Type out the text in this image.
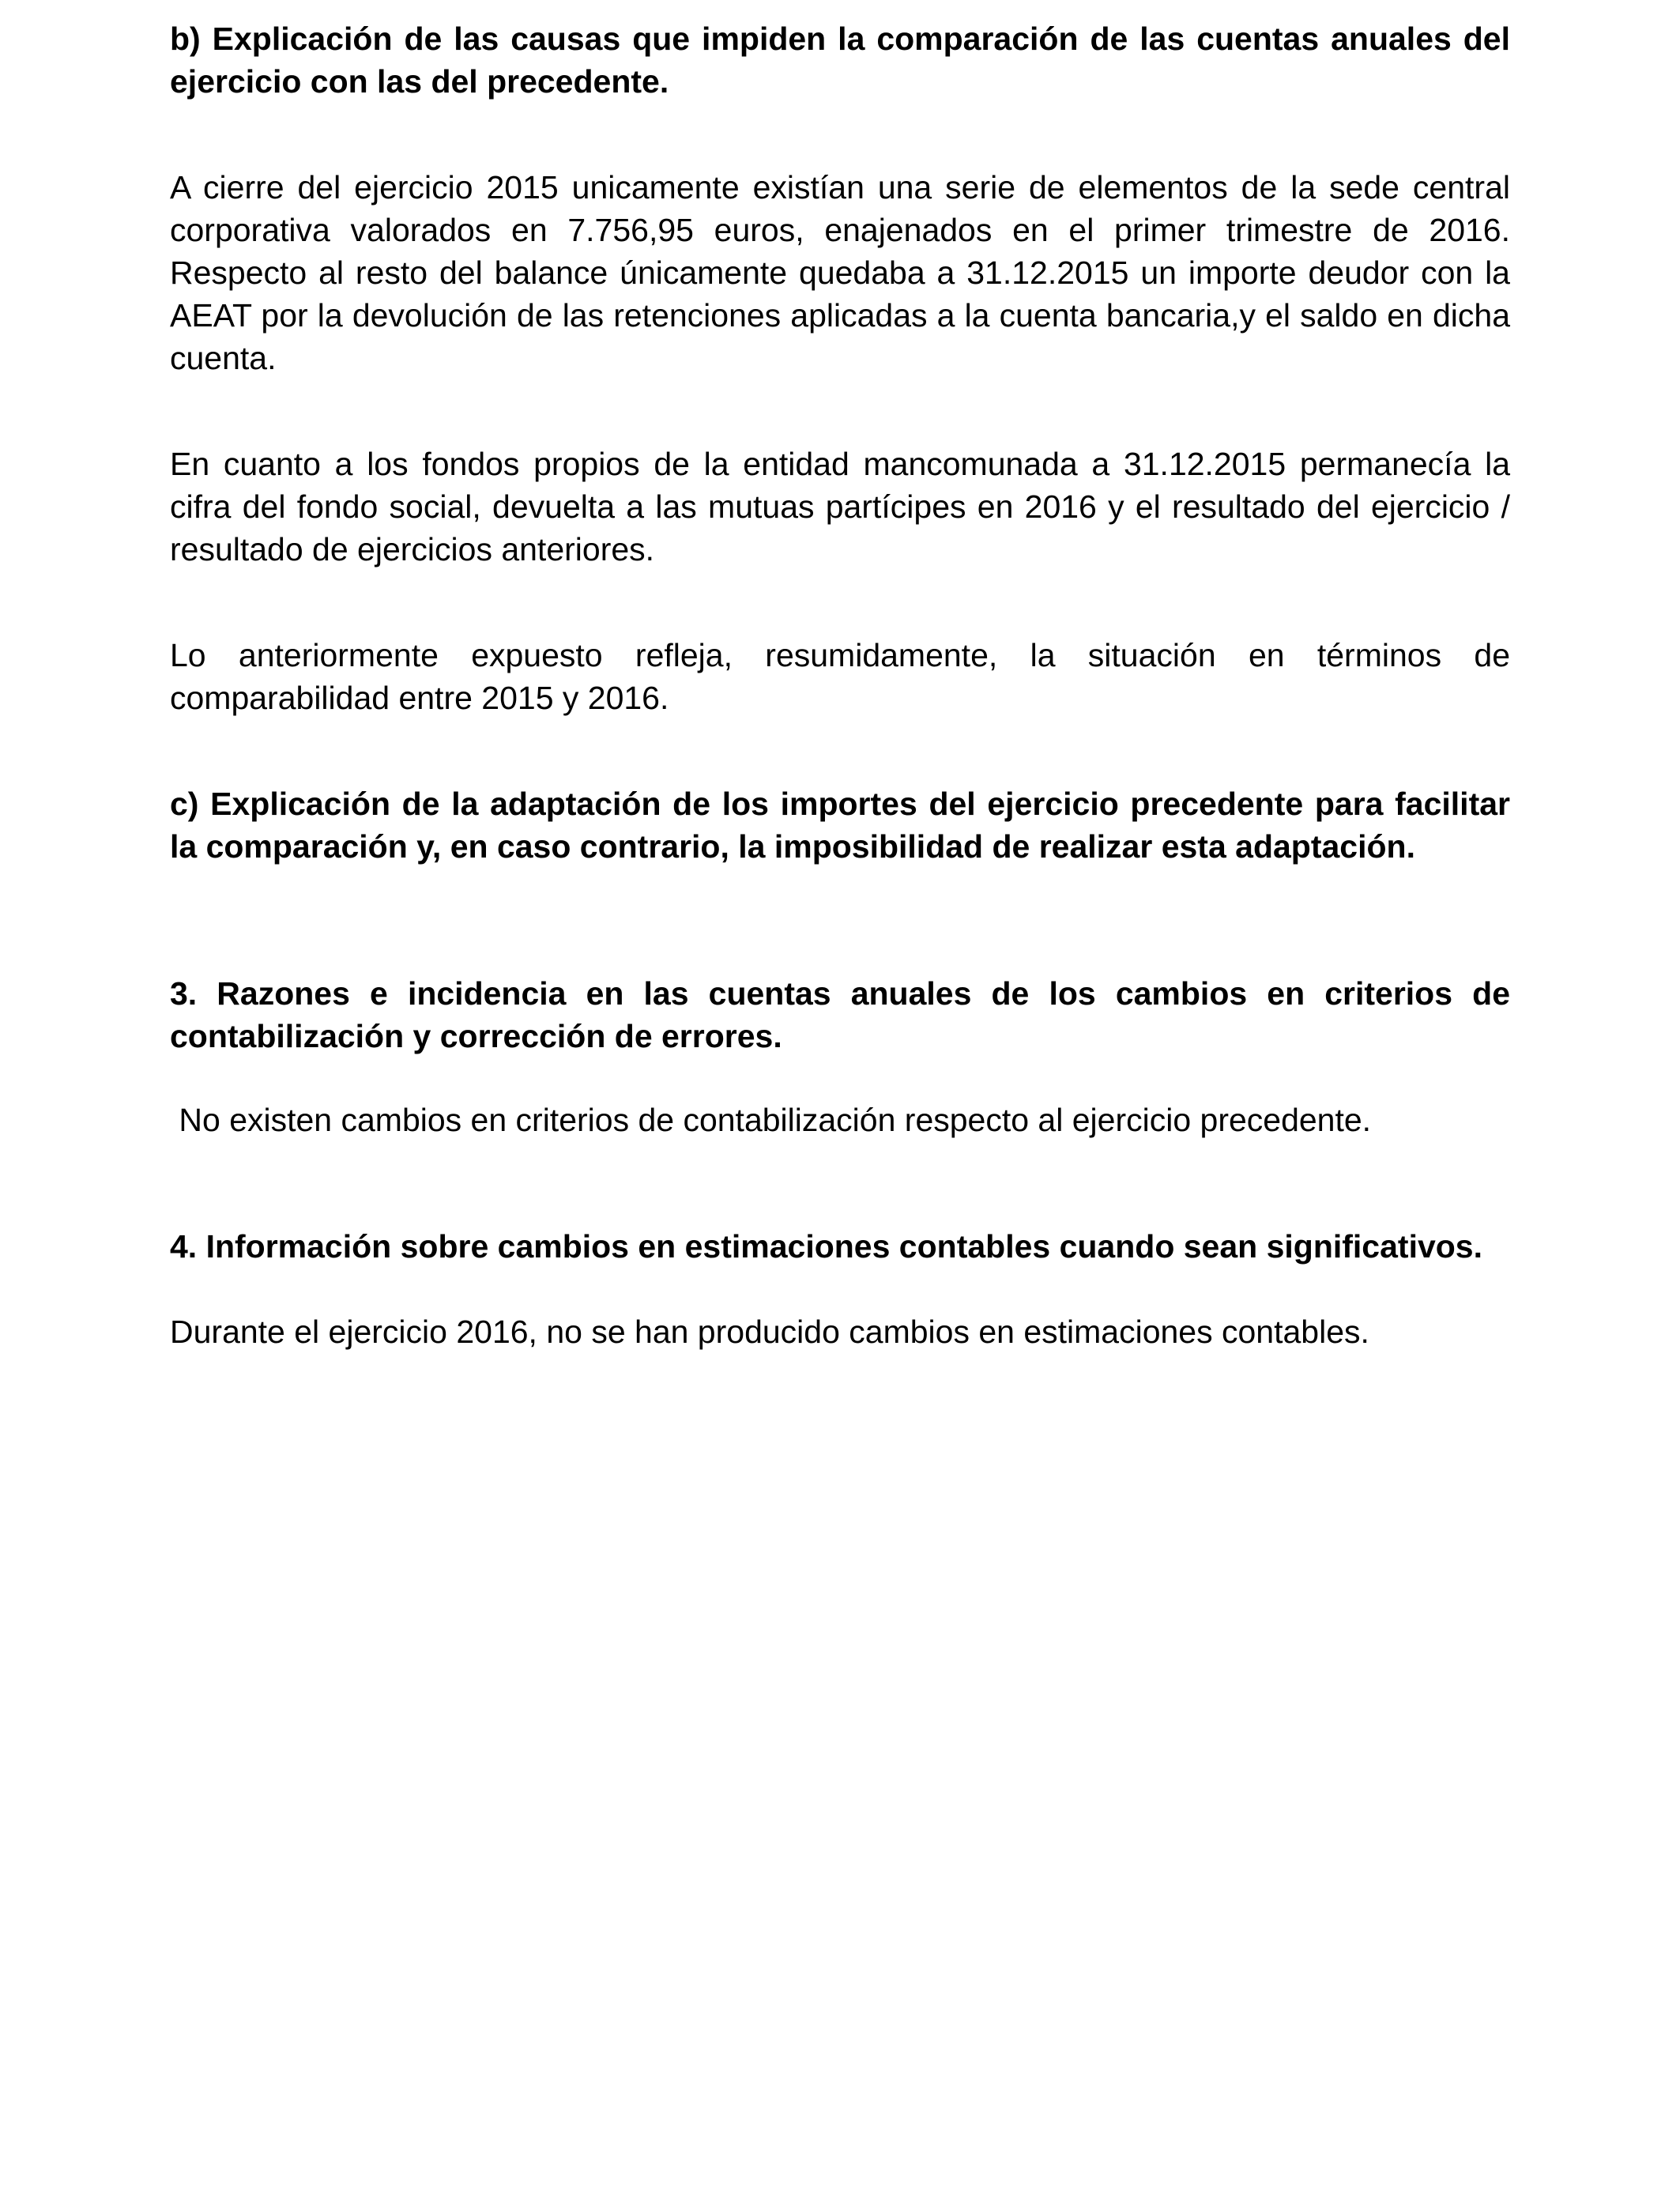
b) Explicación de las causas que impiden la comparación de las cuentas anuales del ejercicio con las del precedente.

A cierre del ejercicio 2015 unicamente existían una serie de elementos de la sede central corporativa valorados en 7.756,95 euros, enajenados en el primer trimestre de 2016. Respecto al resto del balance únicamente quedaba a 31.12.2015 un importe deudor con la AEAT por la devolución de las retenciones aplicadas a la cuenta bancaria,y el saldo en dicha cuenta.

En cuanto a los fondos propios de la entidad mancomunada a 31.12.2015 permanecía la cifra del fondo social, devuelta a las mutuas partícipes en 2016 y el resultado del ejercicio / resultado de ejercicios anteriores.

Lo anteriormente expuesto refleja, resumidamente, la situación en términos de comparabilidad entre 2015 y 2016.

c) Explicación de la adaptación de los importes del ejercicio precedente para facilitar la comparación y, en caso contrario, la imposibilidad de realizar esta adaptación.

3. Razones e incidencia en las cuentas anuales de los cambios en criterios de contabilización y corrección de errores.

No existen cambios en criterios de contabilización respecto al ejercicio precedente.

4. Información sobre cambios en estimaciones contables cuando sean significativos.

Durante el ejercicio 2016, no se han producido cambios en estimaciones contables.
